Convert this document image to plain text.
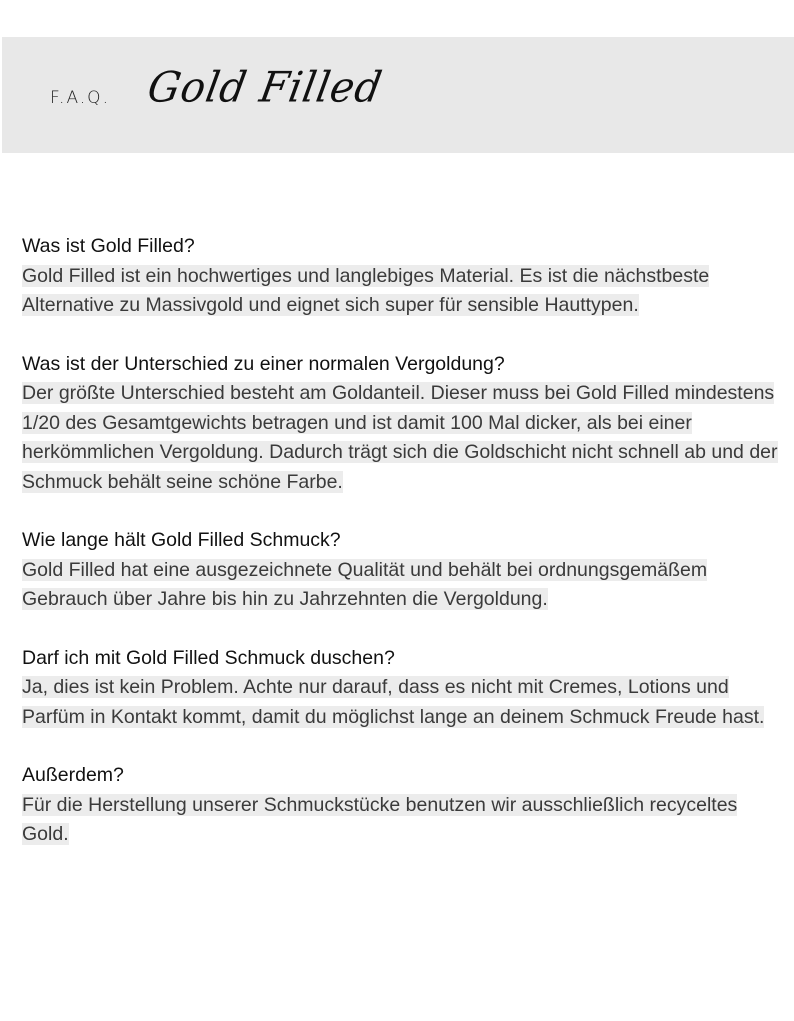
F.A.Q. Gold Filled

Was ist Gold Filled?

Gold Filled ist ein hochwertiges und langlebiges Material. Es ist die nächstbeste Alternative zu Massivgold und eignet sich super für sensible Hauttypen.

Was ist der Unterschied zu einer normalen Vergoldung?

Der größte Unterschied besteht am Goldanteil. Dieser muss bei Gold Filled mindestens 1/20 des Gesamtgewichts betragen und ist damit 100 Mal dicker, als bei einer herkömmlichen Vergoldung. Dadurch trägt sich die Goldschicht nicht schnell ab und der Schmuck behält seine schöne Farbe.

Wie lange hält Gold Filled Schmuck?

Gold Filled hat eine ausgezeichnete Qualität und behält bei ordnungsgemäßem Gebrauch über Jahre bis hin zu Jahrzehnten die Vergoldung.

Darf ich mit Gold Filled Schmuck duschen?

Ja, dies ist kein Problem. Achte nur darauf, dass es nicht mit Cremes, Lotions und Parfüm in Kontakt kommt, damit du möglichst lange an deinem Schmuck Freude hast.

Außerdem?

Für die Herstellung unserer Schmuckstücke benutzen wir ausschließlich recyceltes Gold.
